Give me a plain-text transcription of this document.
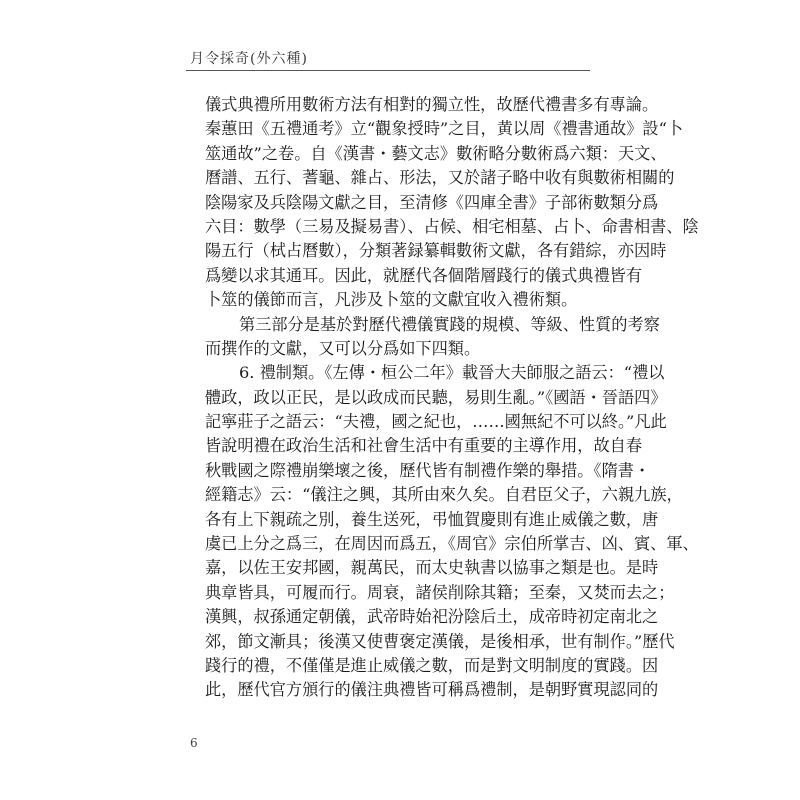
月令採奇(外六種)
儀式典禮所用數術方法有相對的獨立性，故歷代禮書多有專論。
秦蕙田《五禮通考》立“觀象授時”之目，黄以周《禮書通故》設“卜
筮通故”之卷。自《漢書・藝文志》數術略分數術爲六類：天文、
曆譜、五行、蓍龜、雜占、形法，又於諸子略中收有與數術相關的
陰陽家及兵陰陽文獻之目，至清修《四庫全書》子部術數類分爲
六目：數學（三易及擬易書）、占候、相宅相墓、占卜、命書相書、陰
陽五行（栻占曆數），分類著録纂輯數術文獻，各有錯綜，亦因時
爲變以求其通耳。因此，就歷代各個階層踐行的儀式典禮皆有
卜筮的儀節而言，凡涉及卜筮的文獻宜收入禮術類。
第三部分是基於對歷代禮儀實踐的規模、等級、性質的考察
而撰作的文獻，又可以分爲如下四類。
6. 禮制類。《左傳・桓公二年》載晉大夫師服之語云：“禮以
體政，政以正民，是以政成而民聽，易則生亂。”《國語・晉語四》
記寧莊子之語云：“夫禮，國之紀也，……國無紀不可以終。”凡此
皆說明禮在政治生活和社會生活中有重要的主導作用，故自春
秋戰國之際禮崩樂壞之後，歷代皆有制禮作樂的舉措。《隋書・
經籍志》云：“儀注之興，其所由來久矣。自君臣父子，六親九族，
各有上下親疏之別，養生送死，弔恤賀慶則有進止威儀之數，唐
虞已上分之爲三，在周因而爲五，《周官》宗伯所掌吉、凶、賓、軍、
嘉，以佐王安邦國，親萬民，而太史執書以協事之類是也。是時
典章皆具，可履而行。周衰，諸侯削除其籍；至秦，又焚而去之；
漢興，叔孫通定朝儀，武帝時始祀汾陰后土，成帝時初定南北之
郊，節文漸具；後漢又使曹褒定漢儀，是後相承，世有制作。”歷代
踐行的禮，不僅僅是進止威儀之數，而是對文明制度的實踐。因
此，歷代官方頒行的儀注典禮皆可稱爲禮制，是朝野實現認同的
6
